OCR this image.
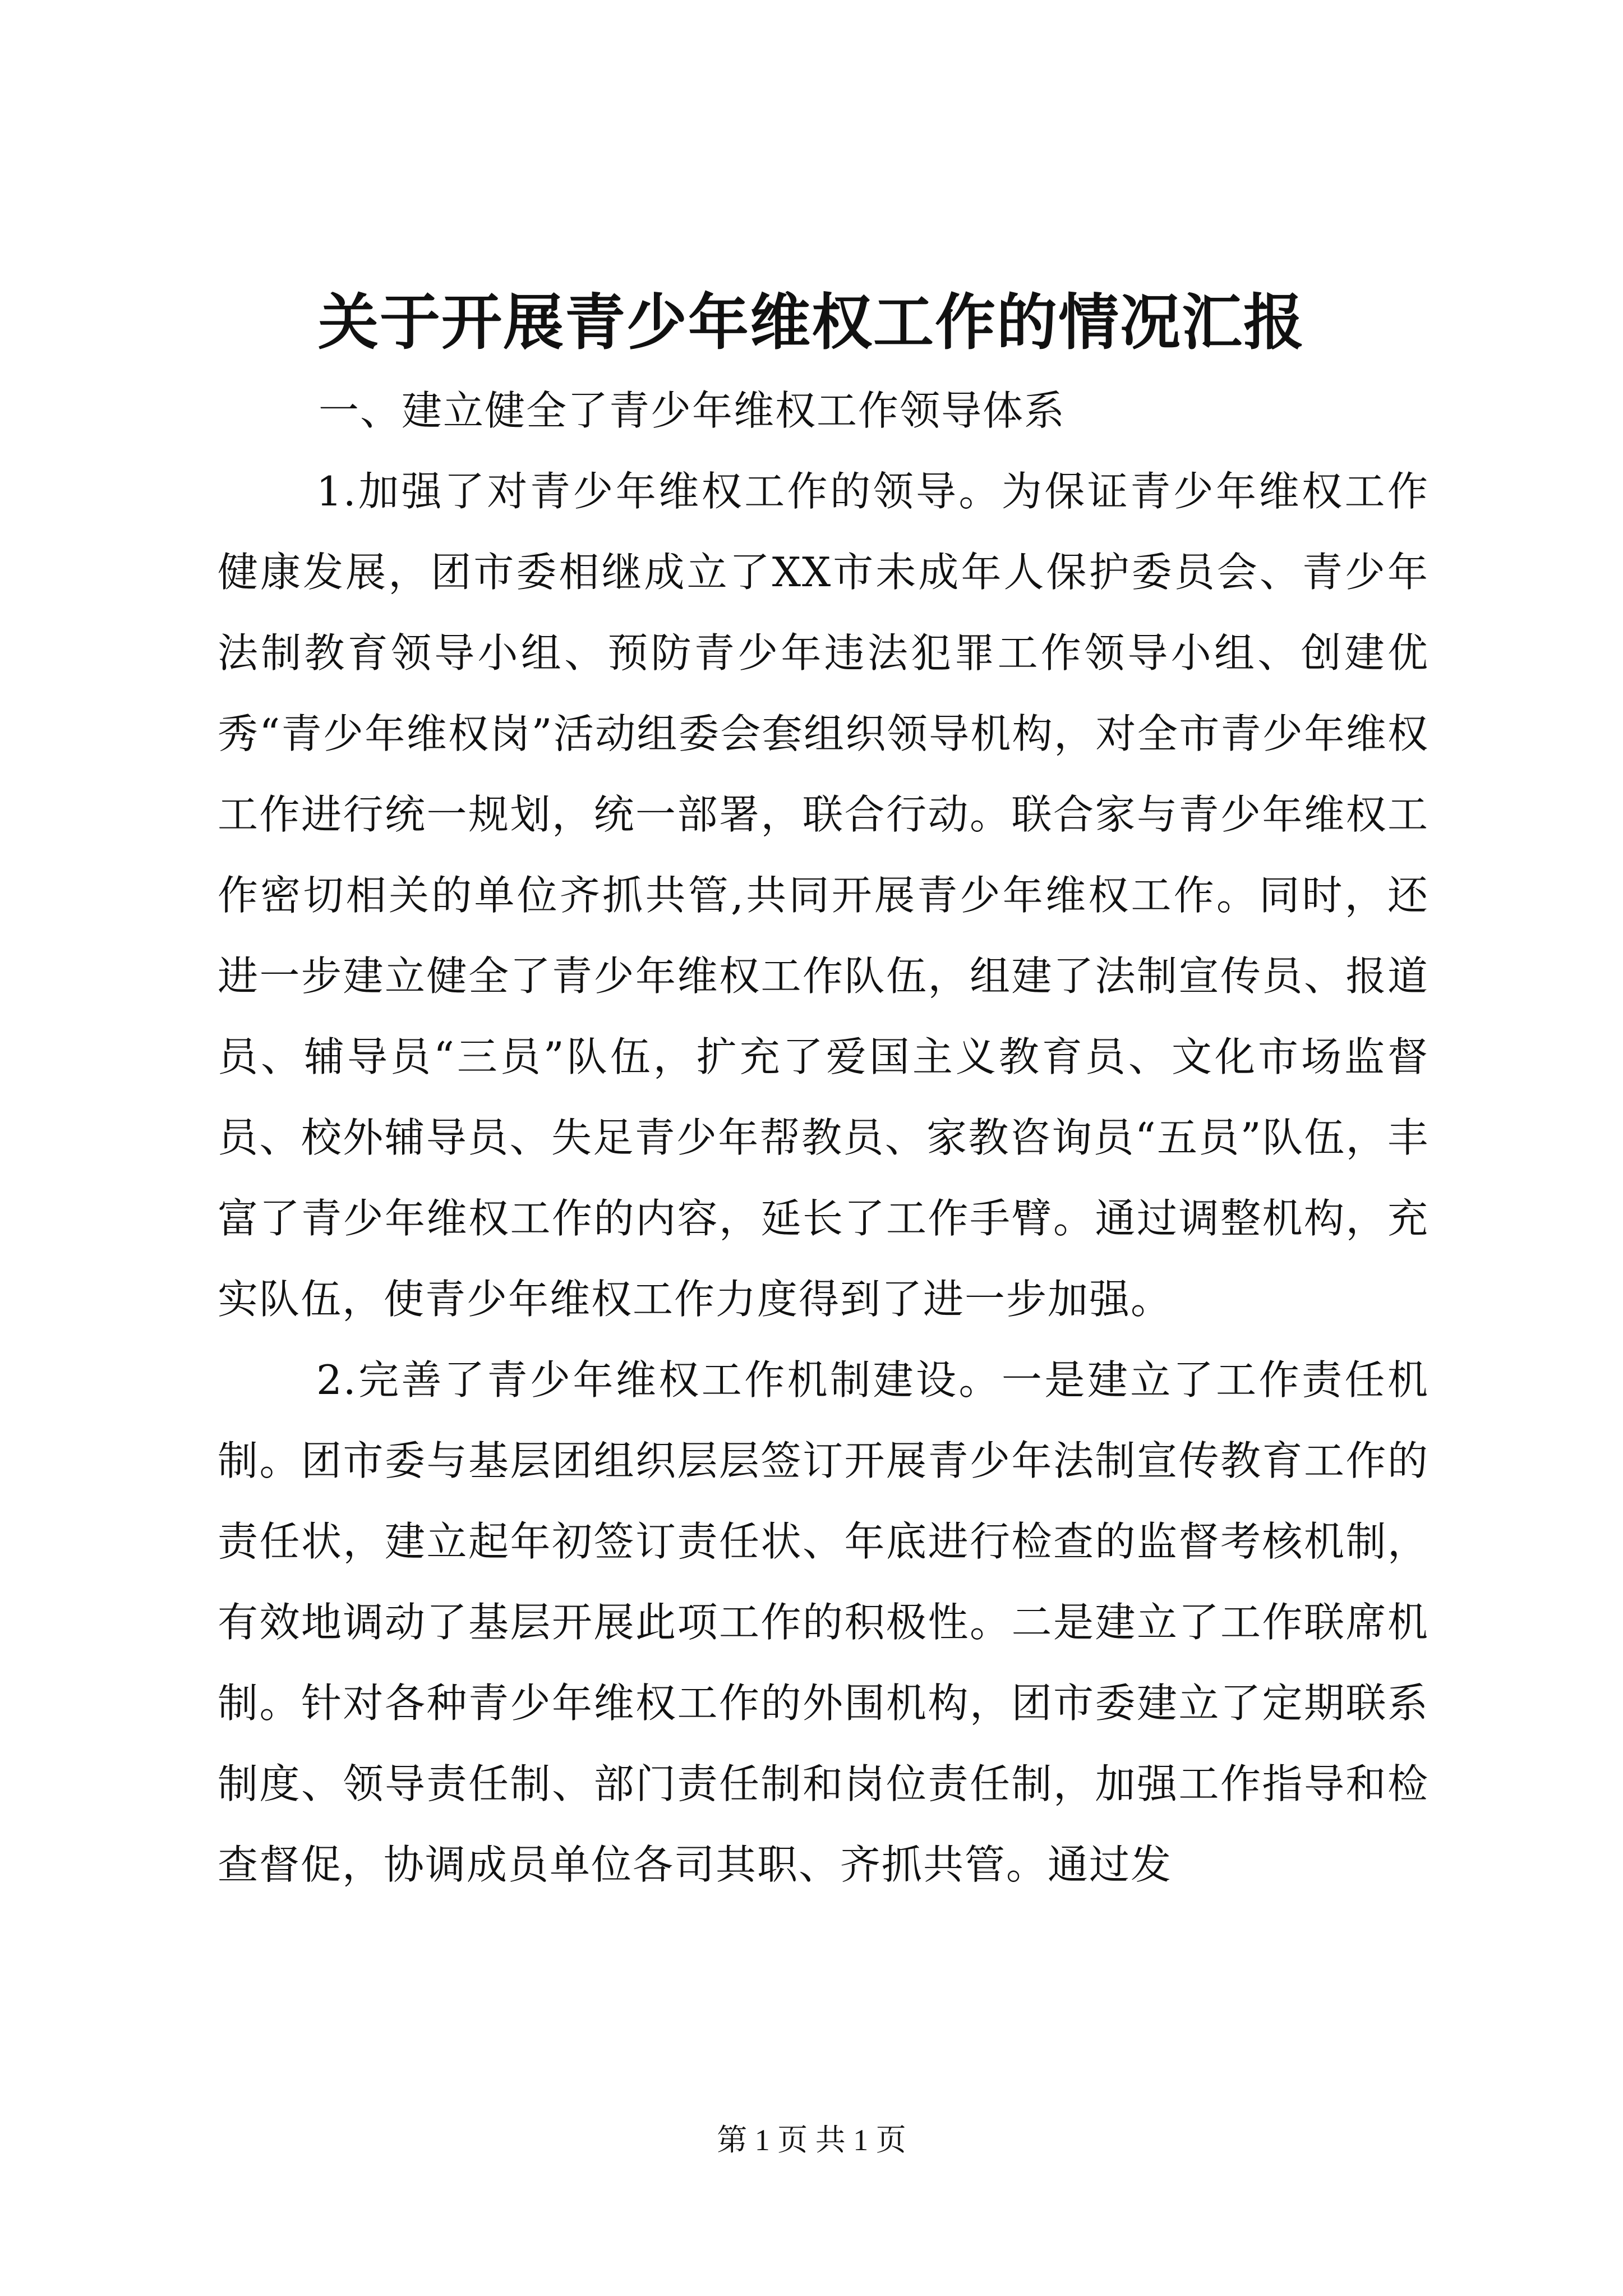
关于开展青少年维权工作的情况汇报

一、建立健全了青少年维权工作领导体系

1.加强了对青少年维权工作的领导。为保证青少年维权工作健康发展，团市委相继成立了XX市未成年人保护委员会、青少年法制教育领导小组、预防青少年违法犯罪工作领导小组、创建优秀“青少年维权岗”活动组委会套组织领导机构，对全市青少年维权工作进行统一规划，统一部署，联合行动。联合家与青少年维权工作密切相关的单位齐抓共管,共同开展青少年维权工作。同时，还进一步建立健全了青少年维权工作队伍，组建了法制宣传员、报道员、辅导员“三员”队伍，扩充了爱国主义教育员、文化市场监督员、校外辅导员、失足青少年帮教员、家教咨询员“五员”队伍，丰富了青少年维权工作的内容，延长了工作手臂。通过调整机构，充实队伍，使青少年维权工作力度得到了进一步加强。

2.完善了青少年维权工作机制建设。一是建立了工作责任机制。团市委与基层团组织层层签订开展青少年法制宣传教育工作的责任状，建立起年初签订责任状、年底进行检查的监督考核机制，有效地调动了基层开展此项工作的积极性。二是建立了工作联席机制。针对各种青少年维权工作的外围机构，团市委建立了定期联系制度、领导责任制、部门责任制和岗位责任制，加强工作指导和检查督促，协调成员单位各司其职、齐抓共管。通过发

第 1 页 共 1 页
